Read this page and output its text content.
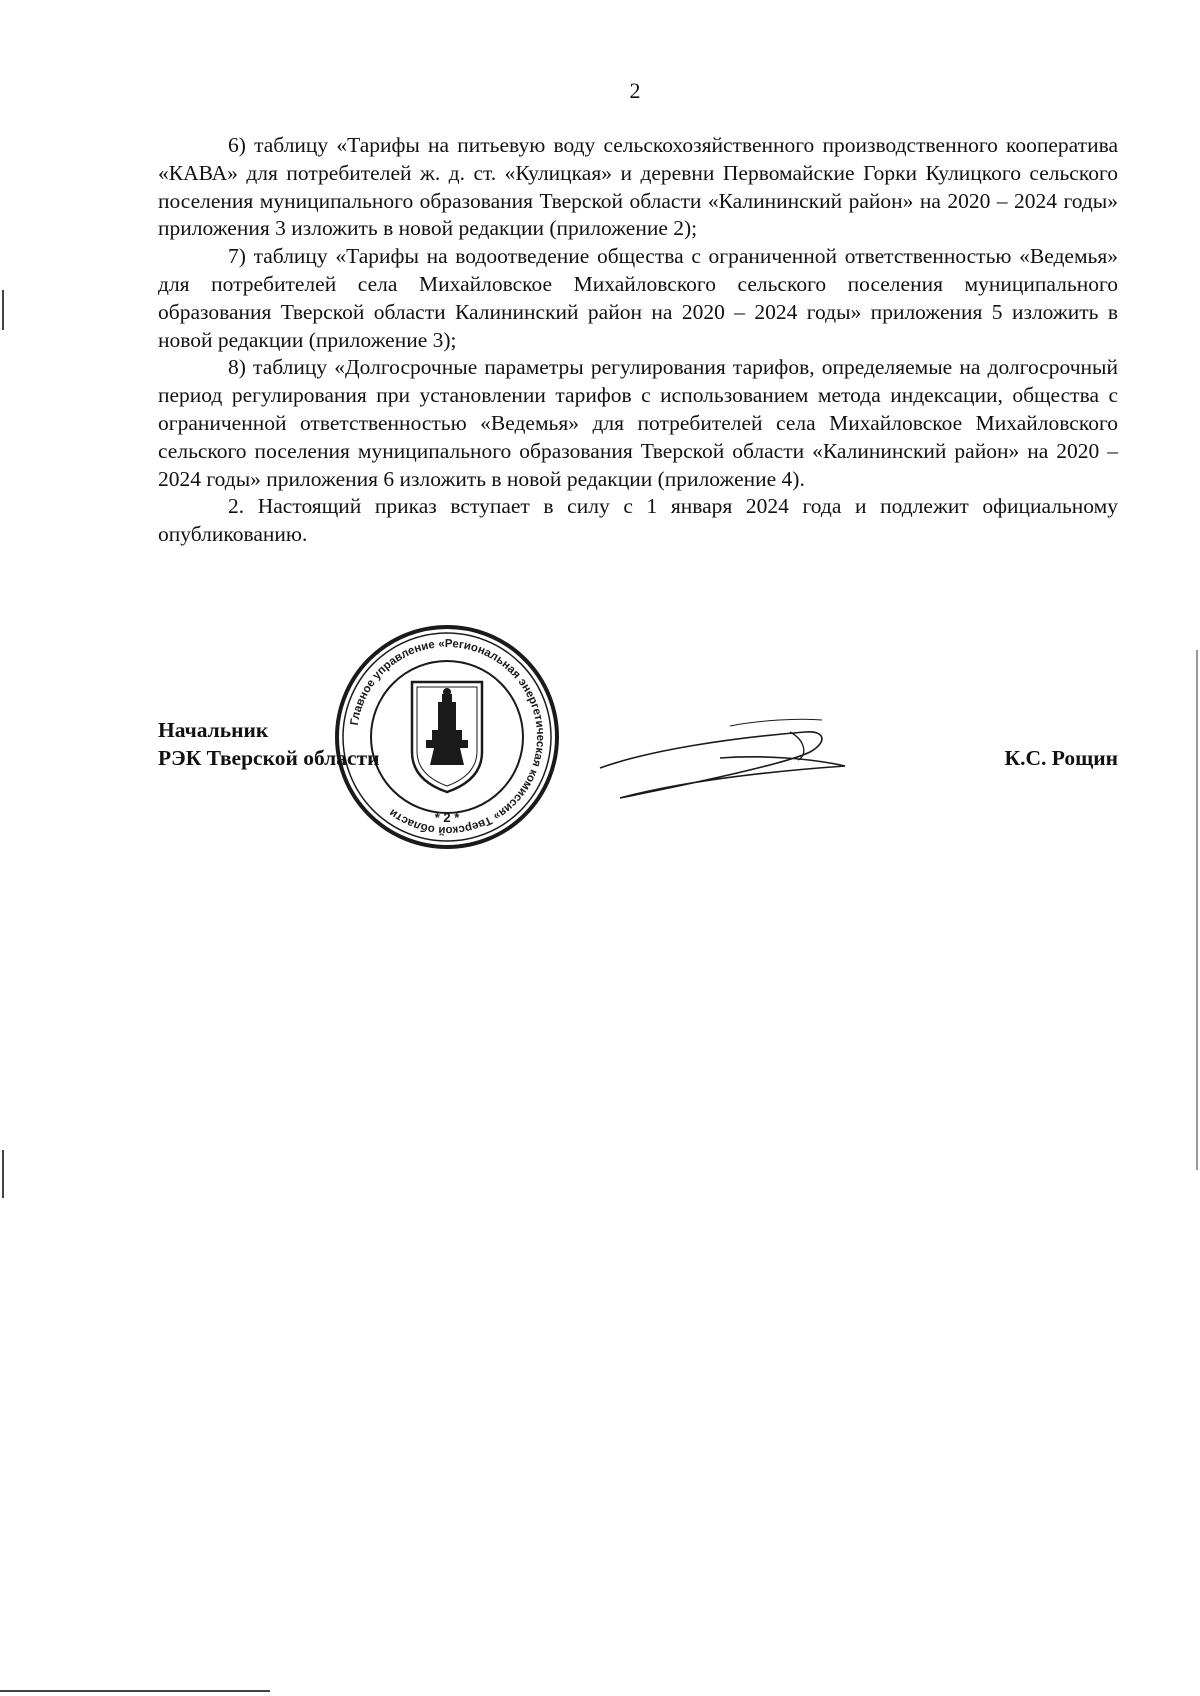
2

6) таблицу «Тарифы на питьевую воду сельскохозяйственного производственного кооператива «КАВА» для потребителей ж. д. ст. «Кулицкая» и деревни Первомайские Горки Кулицкого сельского поселения муниципального образования Тверской области «Калининский район» на 2020 – 2024 годы» приложения 3 изложить в новой редакции (приложение 2);

7) таблицу «Тарифы на водоотведение общества с ограниченной ответственностью «Ведемья» для потребителей села Михайловское Михайловского сельского поселения муниципального образования Тверской области Калининский район на 2020 – 2024 годы» приложения 5 изложить в новой редакции (приложение 3);

8) таблицу «Долгосрочные параметры регулирования тарифов, определяемые на долгосрочный период регулирования при установлении тарифов с использованием метода индексации, общества с ограниченной ответственностью «Ведемья» для потребителей села Михайловское Михайловского сельского поселения муниципального образования Тверской области «Калининский район» на 2020 – 2024 годы» приложения 6 изложить в новой редакции (приложение 4).

2. Настоящий приказ вступает в силу с 1 января 2024 года и подлежит официальному опубликованию.

Главное управление «Региональная энергетическая комиссия» Тверской области	* 2 *
Начальник
РЭК Тверской области	К.С. Рощин
